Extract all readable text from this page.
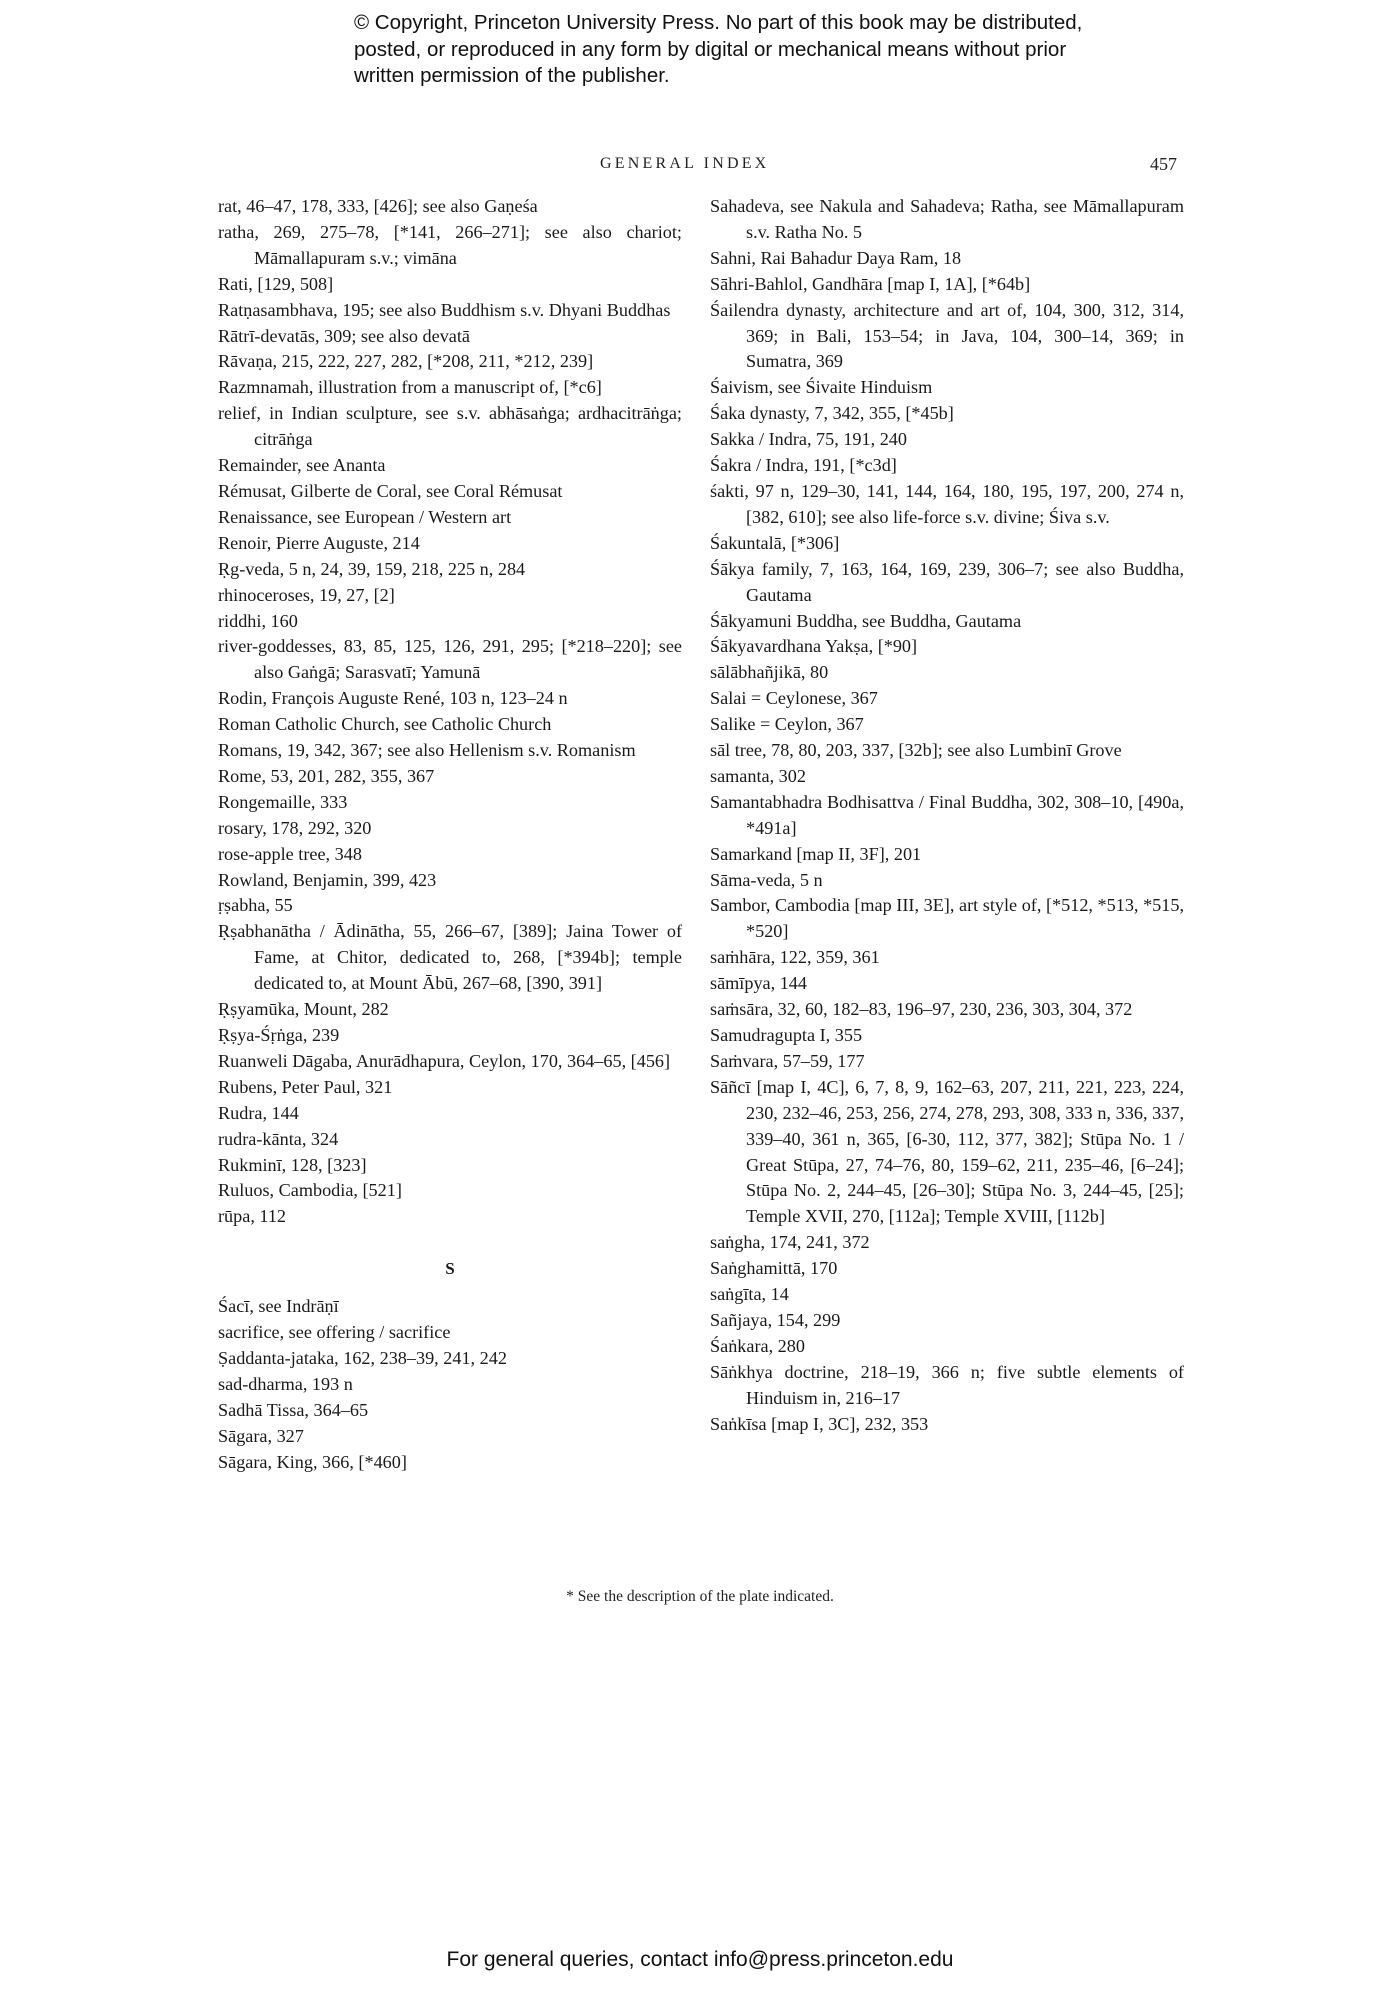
© Copyright, Princeton University Press. No part of this book may be distributed, posted, or reproduced in any form by digital or mechanical means without prior written permission of the publisher.
GENERAL INDEX	457
rat, 46–47, 178, 333, [426]; see also Gaṇeśa
ratha, 269, 275–78, [*141, 266–271]; see also chariot; Māmallapuram s.v.; vimāna
Rati, [129, 508]
Ratṇasambhava, 195; see also Buddhism s.v. Dhyani Buddhas
Rātrī-devatās, 309; see also devatā
Rāvaṇa, 215, 222, 227, 282, [*208, 211, *212, 239]
Razmnamah, illustration from a manuscript of, [*c6]
relief, in Indian sculpture, see s.v. abhāsaṅga; ardhacitrāṅga; citrāṅga
Remainder, see Ananta
Rémusat, Gilberte de Coral, see Coral Rémusat
Renaissance, see European / Western art
Renoir, Pierre Auguste, 214
Ṛg-veda, 5 n, 24, 39, 159, 218, 225 n, 284
rhinoceroses, 19, 27, [2]
riddhi, 160
river-goddesses, 83, 85, 125, 126, 291, 295; [*218–220]; see also Gaṅgā; Sarasvatī; Yamunā
Rodin, François Auguste René, 103 n, 123–24 n
Roman Catholic Church, see Catholic Church
Romans, 19, 342, 367; see also Hellenism s.v. Romanism
Rome, 53, 201, 282, 355, 367
Rongemaille, 333
rosary, 178, 292, 320
rose-apple tree, 348
Rowland, Benjamin, 399, 423
ṛṣabha, 55
Ṛṣabhanātha / Ādinātha, 55, 266–67, [389]; Jaina Tower of Fame, at Chitor, dedicated to, 268, [*394b]; temple dedicated to, at Mount Ābū, 267–68, [390, 391]
Ṛṣyamūka, Mount, 282
Ṛṣya-Śṛṅga, 239
Ruanweli Dāgaba, Anurādhapura, Ceylon, 170, 364–65, [456]
Rubens, Peter Paul, 321
Rudra, 144
rudra-kānta, 324
Rukminī, 128, [323]
Ruluos, Cambodia, [521]
rūpa, 112
S
Śacī, see Indrāṇī
sacrifice, see offering / sacrifice
Ṣaddanta-jataka, 162, 238–39, 241, 242
sad-dharma, 193 n
Sadhā Tissa, 364–65
Sāgara, 327
Sāgara, King, 366, [*460]
Sahadeva, see Nakula and Sahadeva; Ratha, see Māmallapuram s.v. Ratha No. 5
Sahni, Rai Bahadur Daya Ram, 18
Sāhri-Bahlol, Gandhāra [map I, 1A], [*64b]
Śailendra dynasty, architecture and art of, 104, 300, 312, 314, 369; in Bali, 153–54; in Java, 104, 300–14, 369; in Sumatra, 369
Śaivism, see Śivaite Hinduism
Śaka dynasty, 7, 342, 355, [*45b]
Sakka / Indra, 75, 191, 240
Śakra / Indra, 191, [*c3d]
śakti, 97 n, 129–30, 141, 144, 164, 180, 195, 197, 200, 274 n, [382, 610]; see also life-force s.v. divine; Śiva s.v.
Śakuntalā, [*306]
Śākya family, 7, 163, 164, 169, 239, 306–7; see also Buddha, Gautama
Śākyamuni Buddha, see Buddha, Gautama
Śākyavardhana Yakṣa, [*90]
sālābhañjikā, 80
Salai = Ceylonese, 367
Salike = Ceylon, 367
sāl tree, 78, 80, 203, 337, [32b]; see also Lumbinī Grove
samanta, 302
Samantabhadra Bodhisattva / Final Buddha, 302, 308–10, [490a, *491a]
Samarkand [map II, 3F], 201
Sāma-veda, 5 n
Sambor, Cambodia [map III, 3E], art style of, [*512, *513, *515, *520]
saṁhāra, 122, 359, 361
sāmīpya, 144
saṁsāra, 32, 60, 182–83, 196–97, 230, 236, 303, 304, 372
Samudragupta I, 355
Saṁvara, 57–59, 177
Sāñcī [map I, 4C], 6, 7, 8, 9, 162–63, 207, 211, 221, 223, 224, 230, 232–46, 253, 256, 274, 278, 293, 308, 333 n, 336, 337, 339–40, 361 n, 365, [6-30, 112, 377, 382]; Stūpa No. 1 / Great Stūpa, 27, 74–76, 80, 159–62, 211, 235–46, [6–24]; Stūpa No. 2, 244–45, [26–30]; Stūpa No. 3, 244–45, [25]; Temple XVII, 270, [112a]; Temple XVIII, [112b]
saṅgha, 174, 241, 372
Saṅghamittā, 170
saṅgīta, 14
Sañjaya, 154, 299
Śaṅkara, 280
Sāṅkhya doctrine, 218–19, 366 n; five subtle elements of Hinduism in, 216–17
Saṅkīsa [map I, 3C], 232, 353
* See the description of the plate indicated.
For general queries, contact info@press.princeton.edu
